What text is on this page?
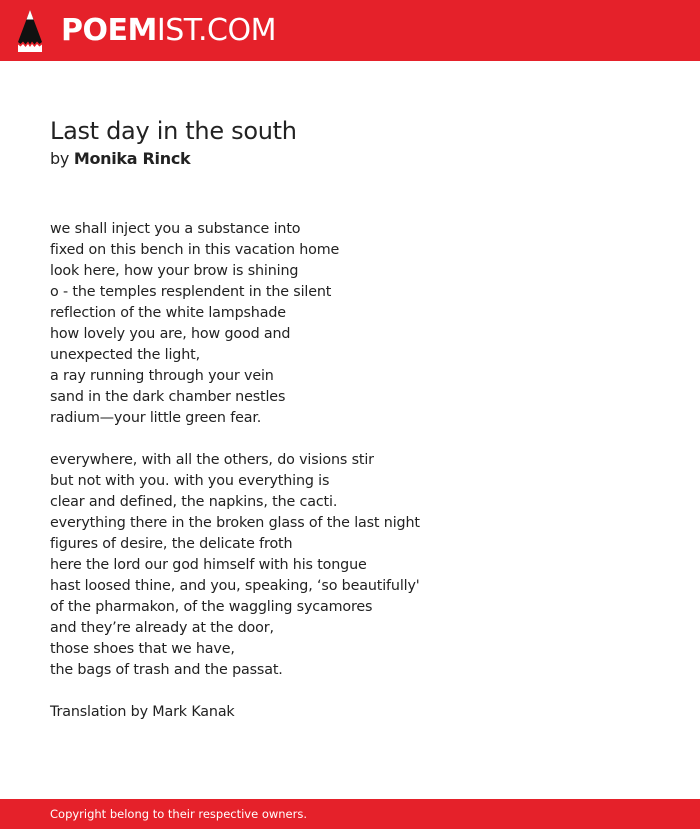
POEMIST.COM
Last day in the south
by Monika Rinck
we shall inject you a substance into
fixed on this bench in this vacation home
look here, how your brow is shining
o - the temples resplendent in the silent
reflection of the white lampshade
how lovely you are, how good and
unexpected the light,
a ray running through your vein
sand in the dark chamber nestles
radium—your little green fear.
everywhere, with all the others, do visions stir
but not with you. with you everything is
clear and defined, the napkins, the cacti.
everything there in the broken glass of the last night
figures of desire, the delicate froth
here the lord our god himself with his tongue
hast loosed thine, and you, speaking, ‘so beautifully'
of the pharmakon, of the waggling sycamores
and they’re already at the door,
those shoes that we have,
the bags of trash and the passat.
Translation by Mark Kanak
Copyright belong to their respective owners.
